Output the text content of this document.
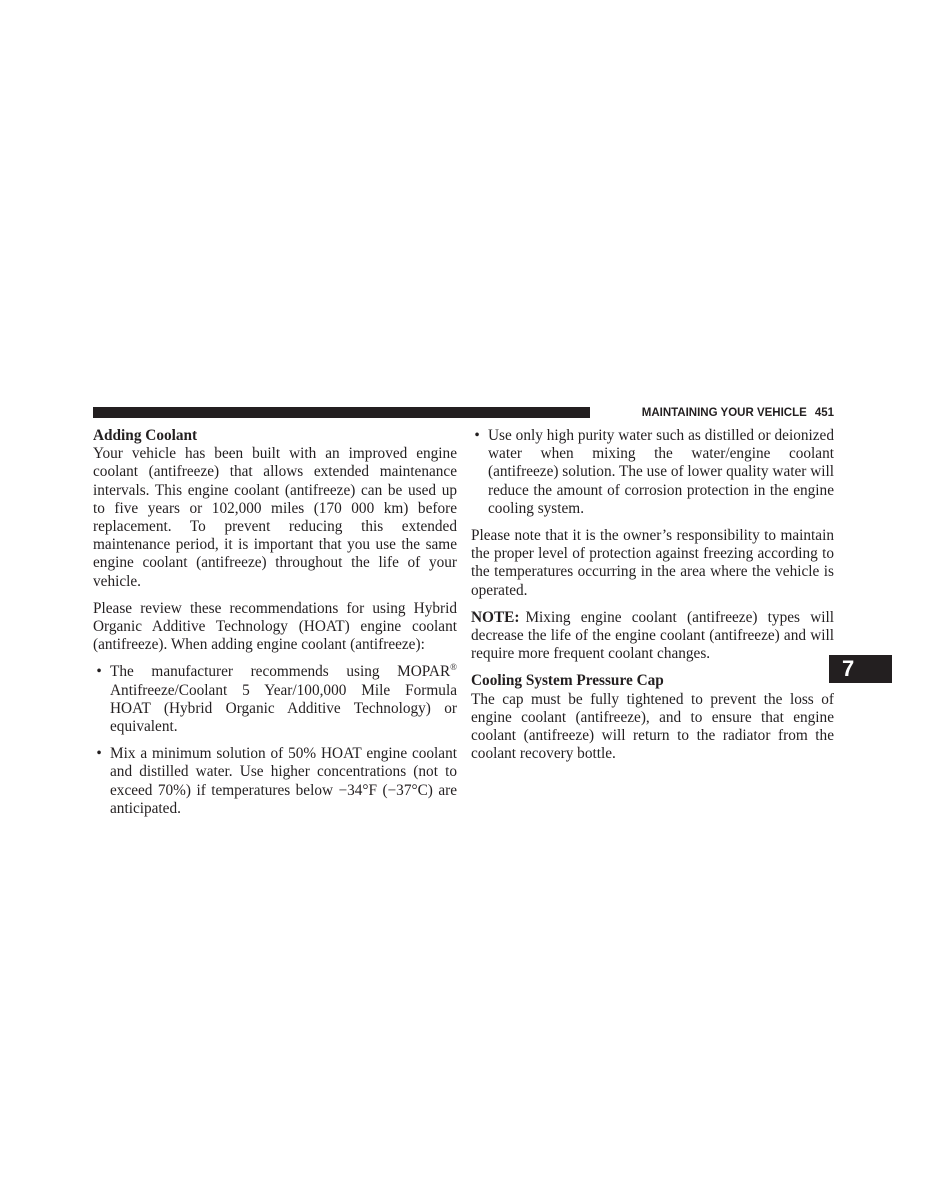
MAINTAINING YOUR VEHICLE 451
7
Adding Coolant

Your vehicle has been built with an improved engine coolant (antifreeze) that allows extended maintenance intervals. This engine coolant (antifreeze) can be used up to five years or 102,000 miles (170 000 km) before replacement. To prevent reducing this extended maintenance period, it is important that you use the same engine coolant (antifreeze) throughout the life of your vehicle.

Please review these recommendations for using Hybrid Organic Additive Technology (HOAT) engine coolant (antifreeze). When adding engine coolant (antifreeze):

• The manufacturer recommends using MOPAR® Antifreeze/Coolant 5 Year/100,000 Mile Formula HOAT (Hybrid Organic Additive Technology) or equivalent.
• Mix a minimum solution of 50% HOAT engine coolant and distilled water. Use higher concentrations (not to exceed 70%) if temperatures below −34°F (−37°C) are anticipated.
• Use only high purity water such as distilled or deionized water when mixing the water/engine coolant (antifreeze) solution. The use of lower quality water will reduce the amount of corrosion protection in the engine cooling system.

Please note that it is the owner’s responsibility to maintain the proper level of protection against freezing according to the temperatures occurring in the area where the vehicle is operated.

NOTE: Mixing engine coolant (antifreeze) types will decrease the life of the engine coolant (antifreeze) and will require more frequent coolant changes.

Cooling System Pressure Cap

The cap must be fully tightened to prevent the loss of engine coolant (antifreeze), and to ensure that engine coolant (antifreeze) will return to the radiator from the coolant recovery bottle.
